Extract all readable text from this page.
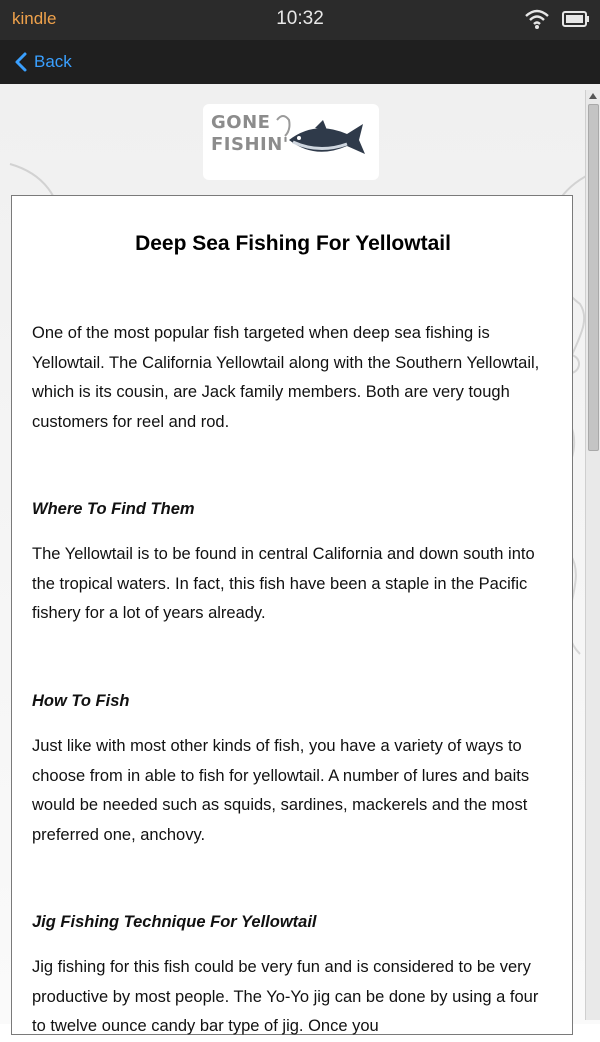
kindle	10:32
Back
GONE
FISHIN'
Deep Sea Fishing For Yellowtail

One of the most popular fish targeted when deep sea fishing is Yellowtail. The California Yellowtail along with the Southern Yellowtail, which is its cousin, are Jack family members. Both are very tough customers for reel and rod.

Where To Find Them

The Yellowtail is to be found in central California and down south into the tropical waters. In fact, this fish have been a staple in the Pacific fishery for a lot of years already.

How To Fish

Just like with most other kinds of fish, you have a variety of ways to choose from in able to fish for yellowtail. A number of lures and baits would be needed such as squids, sardines, mackerels and the most preferred one, anchovy.

Jig Fishing Technique For Yellowtail

Jig fishing for this fish could be very fun and is considered to be very productive by most people. The Yo-Yo jig can be done by using a four to twelve ounce candy bar type of jig. Once you
